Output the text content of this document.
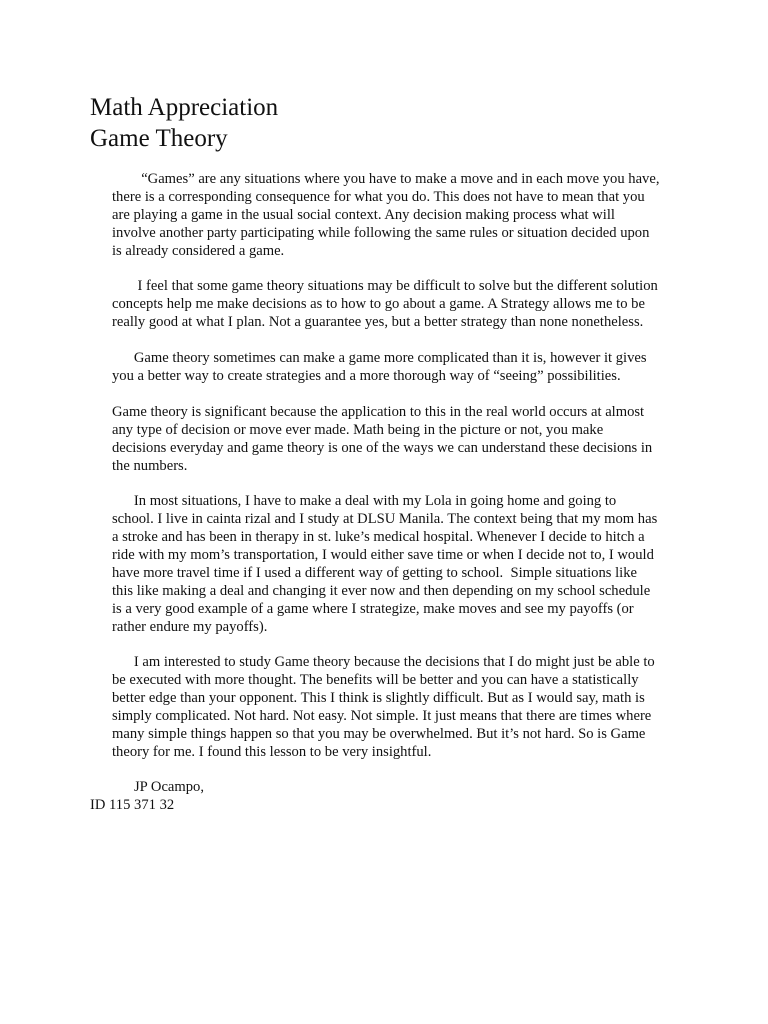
Math Appreciation
Game Theory

“Games” are any situations where you have to make a move and in each move you have,
there is a corresponding consequence for what you do. This does not have to mean that you
are playing a game in the usual social context. Any decision making process what will
involve another party participating while following the same rules or situation decided upon
is already considered a game.

I feel that some game theory situations may be difficult to solve but the different solution
concepts help me make decisions as to how to go about a game. A Strategy allows me to be
really good at what I plan. Not a guarantee yes, but a better strategy than none nonetheless.

Game theory sometimes can make a game more complicated than it is, however it gives
you a better way to create strategies and a more thorough way of “seeing” possibilities.

Game theory is significant because the application to this in the real world occurs at almost
any type of decision or move ever made. Math being in the picture or not, you make
decisions everyday and game theory is one of the ways we can understand these decisions in
the numbers.

In most situations, I have to make a deal with my Lola in going home and going to
school. I live in cainta rizal and I study at DLSU Manila. The context being that my mom has
a stroke and has been in therapy in st. luke’s medical hospital. Whenever I decide to hitch a
ride with my mom’s transportation, I would either save time or when I decide not to, I would
have more travel time if I used a different way of getting to school.  Simple situations like
this like making a deal and changing it ever now and then depending on my school schedule
is a very good example of a game where I strategize, make moves and see my payoffs (or
rather endure my payoffs).

I am interested to study Game theory because the decisions that I do might just be able to
be executed with more thought. The benefits will be better and you can have a statistically
better edge than your opponent. This I think is slightly difficult. But as I would say, math is
simply complicated. Not hard. Not easy. Not simple. It just means that there are times where
many simple things happen so that you may be overwhelmed. But it’s not hard. So is Game
theory for me. I found this lesson to be very insightful.

JP Ocampo,
ID 115 371 32
